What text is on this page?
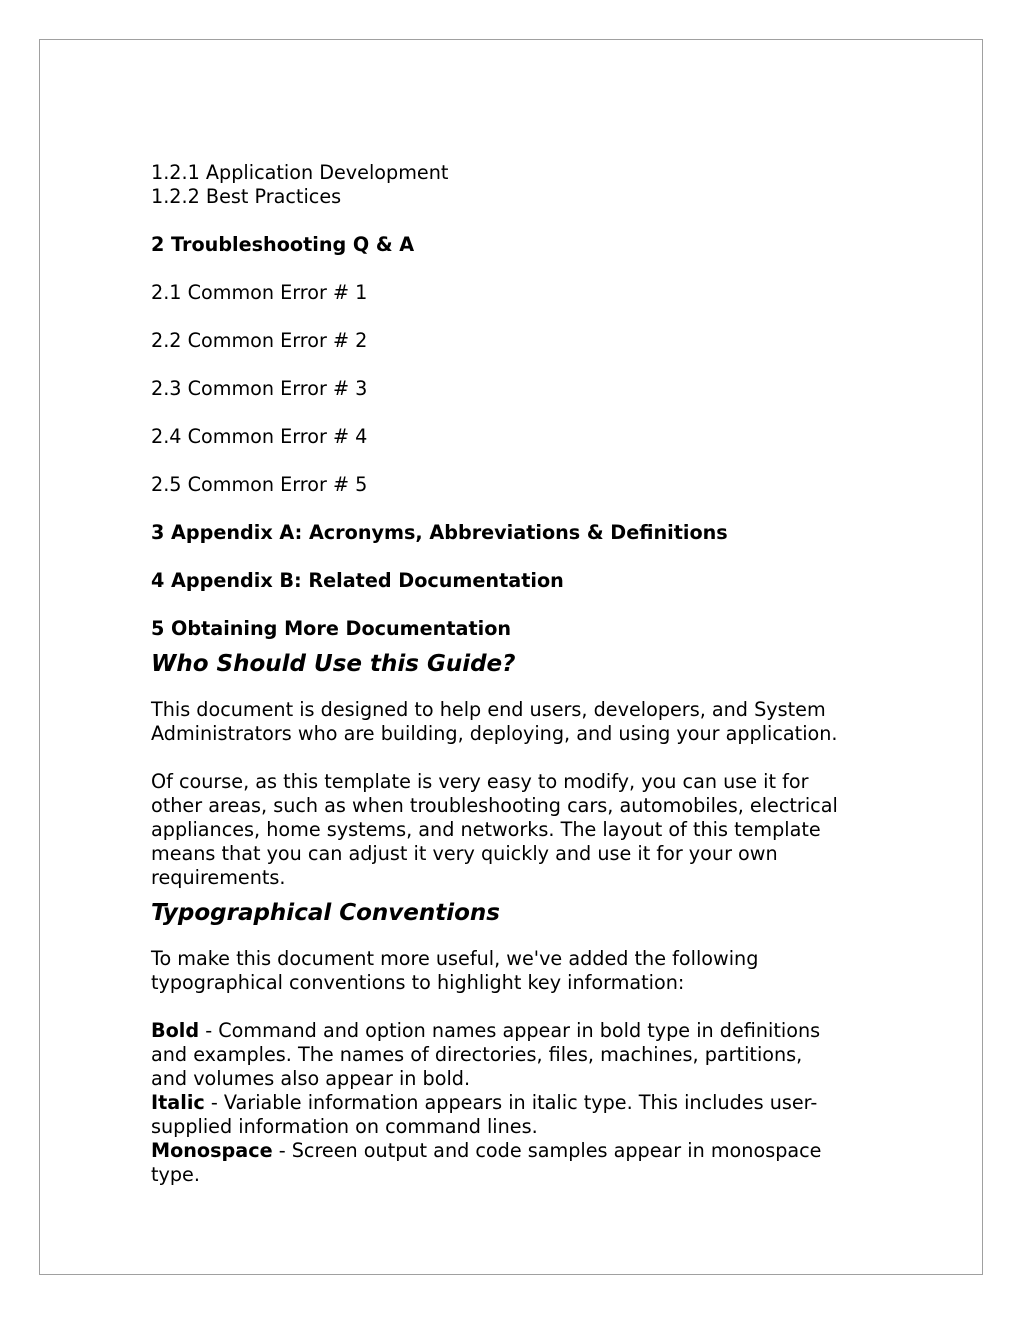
1.2.1 Application Development

1.2.2 Best Practices

2 Troubleshooting Q & A

2.1 Common Error # 1

2.2 Common Error # 2

2.3 Common Error # 3

2.4 Common Error # 4

2.5 Common Error # 5

3 Appendix A: Acronyms, Abbreviations & Definitions

4 Appendix B: Related Documentation

5 Obtaining More Documentation

Who Should Use this Guide?

This document is designed to help end users, developers, and System

Administrators who are building, deploying, and using your application.

Of course, as this template is very easy to modify, you can use it for

other areas, such as when troubleshooting cars, automobiles, electrical

appliances, home systems, and networks. The layout of this template

means that you can adjust it very quickly and use it for your own

requirements.

Typographical Conventions

To make this document more useful, we've added the following

typographical conventions to highlight key information:

Bold - Command and option names appear in bold type in definitions

and examples. The names of directories, files, machines, partitions,

and volumes also appear in bold.

Italic - Variable information appears in italic type. This includes user-

supplied information on command lines.

Monospace - Screen output and code samples appear in monospace

type.
